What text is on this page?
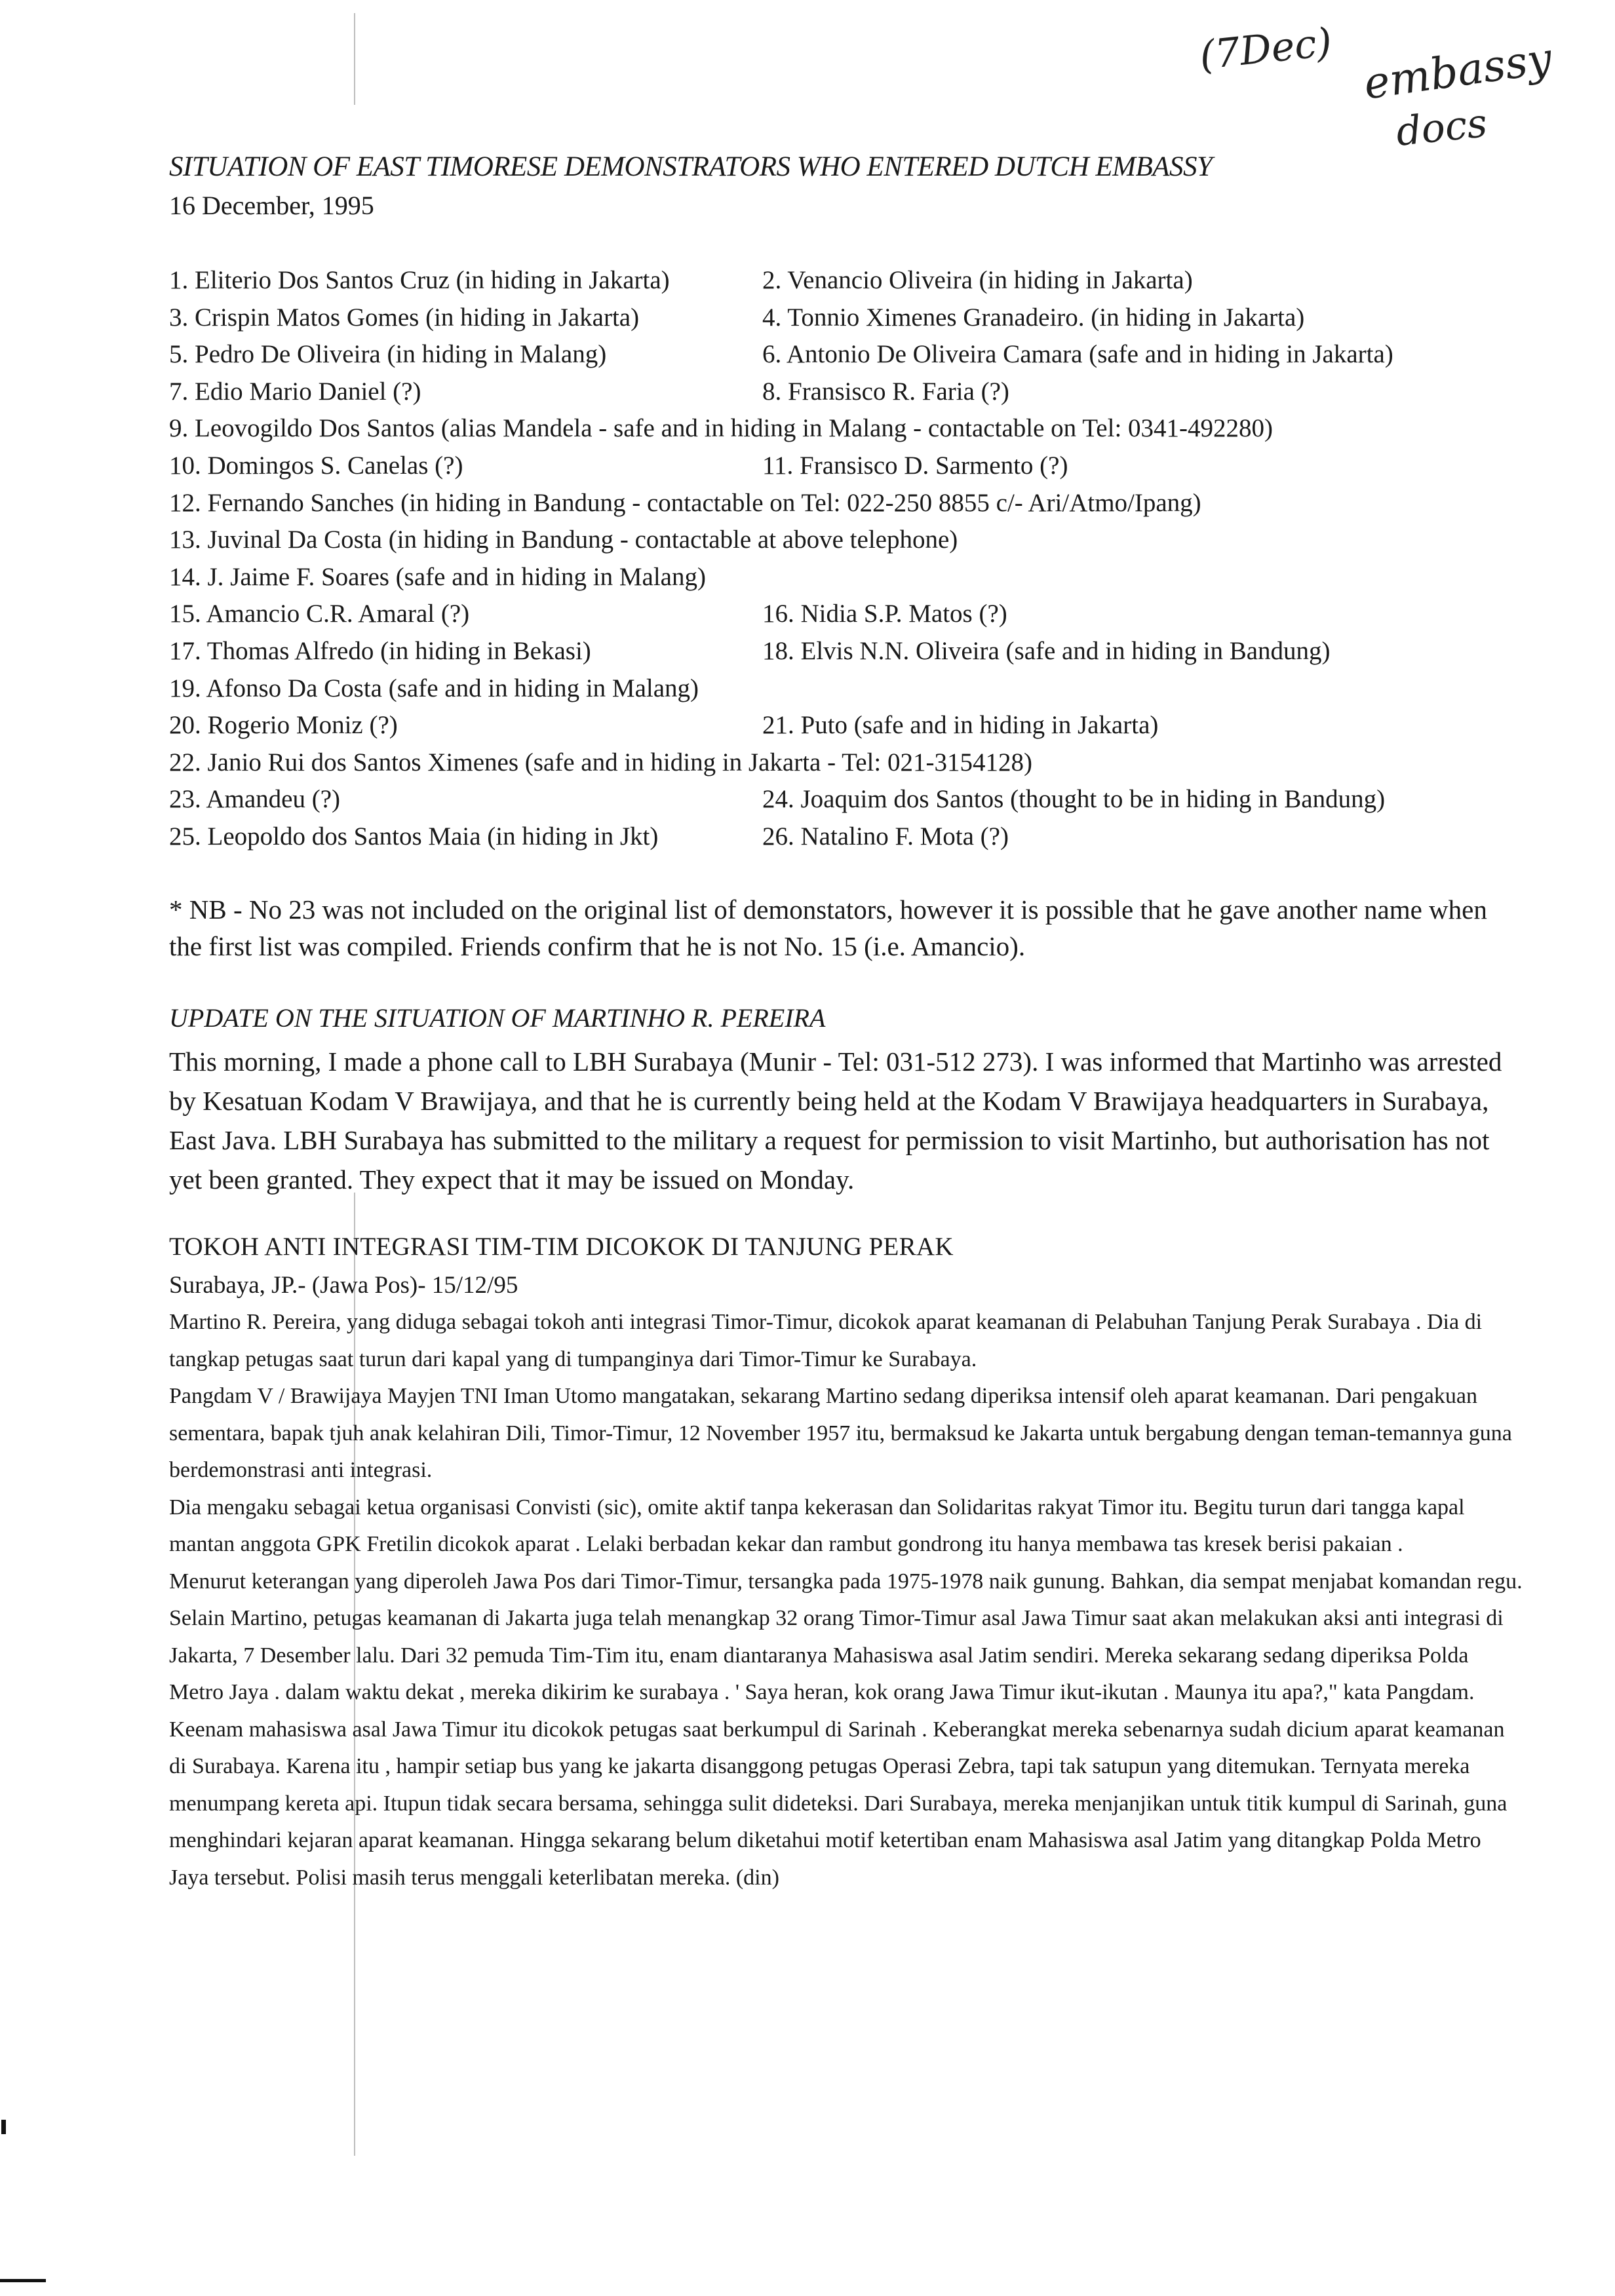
(7Dec) embassy
docs
SITUATION OF EAST TIMORESE DEMONSTRATORS WHO ENTERED DUTCH EMBASSY
16 December, 1995
1. Eliterio Dos Santos Cruz (in hiding in Jakarta)	2. Venancio Oliveira (in hiding in Jakarta)
3. Crispin Matos Gomes (in hiding in Jakarta)	4. Tonnio Ximenes Granadeiro. (in hiding in Jakarta)
5. Pedro De Oliveira (in hiding in Malang)	6. Antonio De Oliveira Camara (safe and in hiding in Jakarta)
7. Edio Mario Daniel (?)	8. Fransisco R. Faria (?)
9. Leovogildo Dos Santos (alias Mandela - safe and in hiding in Malang - contactable on Tel: 0341-492280)
10. Domingos S. Canelas (?)	11. Fransisco D. Sarmento (?)
12. Fernando Sanches (in hiding in Bandung - contactable on Tel: 022-250 8855 c/- Ari/Atmo/Ipang)
13. Juvinal Da Costa (in hiding in Bandung - contactable at above telephone)
14. J. Jaime F. Soares (safe and in hiding in Malang)
15. Amancio C.R. Amaral (?)	16. Nidia S.P. Matos (?)
17. Thomas Alfredo (in hiding in Bekasi)	18. Elvis N.N. Oliveira (safe and in hiding in Bandung)
19. Afonso Da Costa (safe and in hiding in Malang)
20. Rogerio Moniz (?)	21. Puto (safe and in hiding in Jakarta)
22. Janio Rui dos Santos Ximenes (safe and in hiding in Jakarta - Tel: 021-3154128)
23. Amandeu (?)	24. Joaquim dos Santos (thought to be in hiding in Bandung)
25. Leopoldo dos Santos Maia (in hiding in Jkt)	26. Natalino F. Mota (?)
* NB - No 23 was not included on the original list of demonstators, however it is possible that he gave another name when the first list was compiled. Friends confirm that he is not No. 15 (i.e. Amancio).
UPDATE ON THE SITUATION OF MARTINHO R. PEREIRA
This morning, I made a phone call to LBH Surabaya (Munir - Tel: 031-512 273). I was informed that Martinho was arrested by Kesatuan Kodam V Brawijaya, and that he is currently being held at the Kodam V Brawijaya headquarters in Surabaya, East Java. LBH Surabaya has submitted to the military a request for permission to visit Martinho, but authorisation has not yet been granted. They expect that it may be issued on Monday.
TOKOH ANTI INTEGRASI TIM-TIM DICOKOK DI TANJUNG PERAK
Surabaya, JP.- (Jawa Pos)- 15/12/95

Martino R. Pereira, yang diduga sebagai tokoh anti integrasi Timor-Timur, dicokok aparat keamanan di Pelabuhan Tanjung Perak Surabaya . Dia di tangkap petugas saat turun dari kapal yang di tumpanginya dari Timor-Timur ke Surabaya.

Pangdam V / Brawijaya Mayjen TNI Iman Utomo mangatakan, sekarang Martino sedang diperiksa intensif oleh aparat keamanan. Dari pengakuan sementara, bapak tjuh anak kelahiran Dili, Timor-Timur, 12 November 1957 itu, bermaksud ke Jakarta untuk bergabung dengan teman-temannya guna berdemonstrasi anti integrasi.

Dia mengaku sebagai ketua organisasi Convisti (sic), omite aktif tanpa kekerasan dan Solidaritas rakyat Timor itu. Begitu turun dari tangga kapal mantan anggota GPK Fretilin dicokok aparat . Lelaki berbadan kekar dan rambut gondrong itu hanya membawa tas kresek berisi pakaian .

Menurut keterangan yang diperoleh Jawa Pos dari Timor-Timur, tersangka pada 1975-1978 naik gunung. Bahkan, dia sempat menjabat komandan regu. Selain Martino, petugas keamanan di Jakarta juga telah menangkap 32 orang Timor-Timur asal Jawa Timur saat akan melakukan aksi anti integrasi di Jakarta, 7 Desember lalu. Dari 32 pemuda Tim-Tim itu, enam diantaranya Mahasiswa asal Jatim sendiri. Mereka sekarang sedang diperiksa Polda Metro Jaya . dalam waktu dekat , mereka dikirim ke surabaya . ' Saya heran, kok orang Jawa Timur ikut-ikutan . Maunya itu apa?," kata Pangdam. Keenam mahasiswa asal Jawa Timur itu dicokok petugas saat berkumpul di Sarinah . Keberangkat mereka sebenarnya sudah dicium aparat keamanan di Surabaya. Karena itu , hampir setiap bus yang ke jakarta disanggong petugas Operasi Zebra, tapi tak satupun yang ditemukan. Ternyata mereka menumpang kereta api. Itupun tidak secara bersama, sehingga sulit dideteksi. Dari Surabaya, mereka menjanjikan untuk titik kumpul di Sarinah, guna menghindari kejaran aparat keamanan. Hingga sekarang belum diketahui motif ketertiban enam Mahasiswa asal Jatim yang ditangkap Polda Metro Jaya tersebut. Polisi masih terus menggali keterlibatan mereka. (din)
